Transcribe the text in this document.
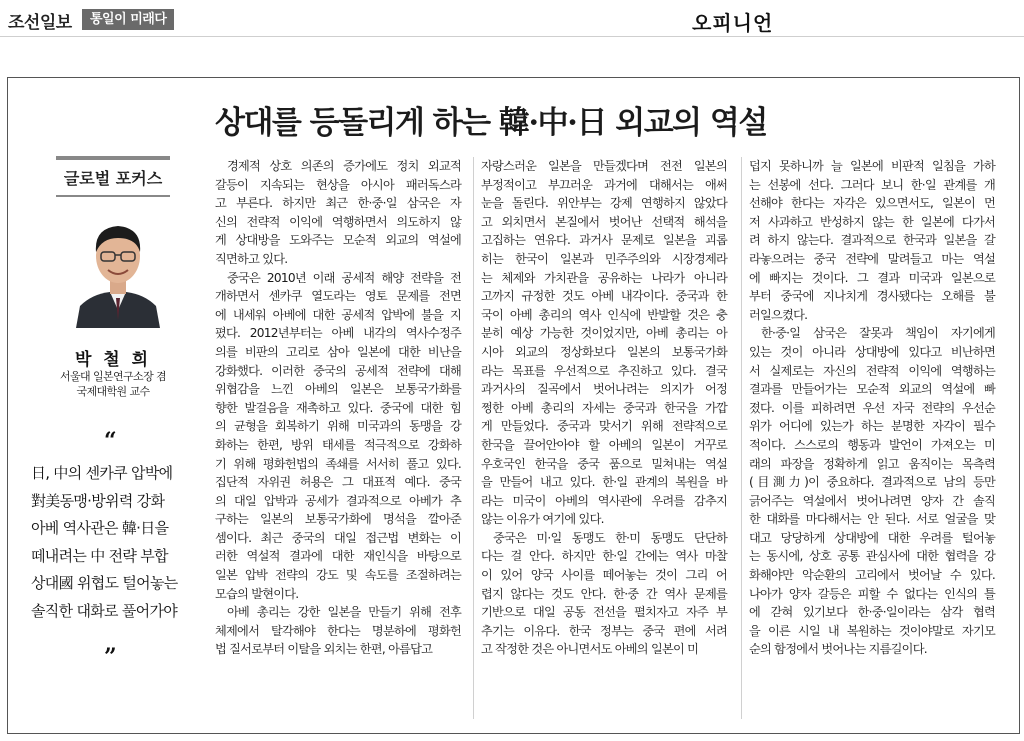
조선일보	통일이 미래다	오피니언
상대를 등돌리게 하는 韓·中·日 외교의 역설
글로벌 포커스
박 철 희
서울대 일본연구소장 겸
국제대학원 교수
“

日, 中의 센카쿠 압박에

對美동맹·방위력 강화

아베 역사관은 韓·日을

떼내려는 中 전략 부합

상대國 위협도 털어놓는

솔직한 대화로 풀어가야

”
경제적 상호 의존의 증가에도 정치 외교적
갈등이 지속되는 현상을 아시아 패러독스라
고 부른다. 하지만 최근 한·중·일 삼국은 자
신의 전략적 이익에 역행하면서 의도하지 않
게 상대방을 도와주는 모순적 외교의 역설에
직면하고 있다.
중국은 2010년 이래 공세적 해양 전략을 전
개하면서 센카쿠 열도라는 영토 문제를 전면
에 내세워 아베에 대한 공세적 압박에 불을 지
폈다. 2012년부터는 아베 내각의 역사수정주
의를 비판의 고리로 삼아 일본에 대한 비난을
강화했다. 이러한 중국의 공세적 전략에 대해
위협감을 느낀 아베의 일본은 보통국가화를
향한 발걸음을 재촉하고 있다. 중국에 대한 힘
의 균형을 회복하기 위해 미국과의 동맹을 강
화하는 한편, 방위 태세를 적극적으로 강화하
기 위해 평화헌법의 족쇄를 서서히 풀고 있다.
집단적 자위권 허용은 그 대표적 예다. 중국
의 대일 압박과 공세가 결과적으로 아베가 추
구하는 일본의 보통국가화에 명석을 깔아준
셈이다. 최근 중국의 대일 접근법 변화는 이
러한 역설적 결과에 대한 재인식을 바탕으로
일본 압박 전략의 강도 및 속도를 조절하려는
모습의 발현이다.
아베 총리는 강한 일본을 만들기 위해 전후
체제에서 탈각해야 한다는 명분하에 평화헌
법 질서로부터 이탈을 외치는 한편, 아름답고
자랑스러운 일본을 만들겠다며 전전 일본의
부정적이고 부끄러운 과거에 대해서는 애써
눈을 돌린다. 위안부는 강제 연행하지 않았다
고 외치면서 본질에서 벗어난 선택적 해석을
고집하는 연유다. 과거사 문제로 일본을 괴롭
히는 한국이 일본과 민주주의와 시장경제라
는 체제와 가치관을 공유하는 나라가 아니라
고까지 규정한 것도 아베 내각이다. 중국과 한
국이 아베 총리의 역사 인식에 반발할 것은 충
분히 예상 가능한 것이었지만, 아베 총리는 아
시아 외교의 정상화보다 일본의 보통국가화
라는 목표를 우선적으로 추진하고 있다. 결국
과거사의 질곡에서 벗어나려는 의지가 어정
쩡한 아베 총리의 자세는 중국과 한국을 가깝
게 만들었다. 중국과 맞서기 위해 전략적으로
한국을 끌어안아야 할 아베의 일본이 거꾸로
우호국인 한국을 중국 품으로 밀쳐내는 역설
을 만들어 내고 있다. 한·일 관계의 복원을 바
라는 미국이 아베의 역사관에 우려를 감추지
않는 이유가 여기에 있다.
중국은 미·일 동맹도 한·미 동맹도 단단하
다는 걸 안다. 하지만 한·일 간에는 역사 마찰
이 있어 양국 사이를 떼어놓는 것이 그리 어
렵지 않다는 것도 안다. 한·중 간 역사 문제를
기반으로 대일 공동 전선을 펼치자고 자주 부
추기는 이유다. 한국 정부는 중국 편에 서려
고 작정한 것은 아니면서도 아베의 일본이 미
덥지 못하니까 늘 일본에 비판적 일침을 가하
는 선봉에 선다. 그러다 보니 한·일 관계를 개
선해야 한다는 자각은 있으면서도, 일본이 먼
저 사과하고 반성하지 않는 한 일본에 다가서
려 하지 않는다. 결과적으로 한국과 일본을 갈
라놓으려는 중국 전략에 말려들고 마는 역설
에 빠지는 것이다. 그 결과 미국과 일본으로
부터 중국에 지나치게 경사됐다는 오해를 불
러일으켰다.
한·중·일 삼국은 잘못과 책임이 자기에게
있는 것이 아니라 상대방에 있다고 비난하면
서 실제로는 자신의 전략적 이익에 역행하는
결과를 만들어가는 모순적 외교의 역설에 빠
졌다. 이를 피하려면 우선 자국 전략의 우선순
위가 어디에 있는가 하는 분명한 자각이 필수
적이다. 스스로의 행동과 발언이 가져오는 미
래의 파장을 정확하게 읽고 움직이는 목측력
(目測力)이 중요하다. 결과적으로 남의 등만
긁어주는 역설에서 벗어나려면 양자 간 솔직
한 대화를 마다해서는 안 된다. 서로 얼굴을 맞
대고 당당하게 상대방에 대한 우려를 털어놓
는 동시에, 상호 공통 관심사에 대한 협력을 강
화해야만 악순환의 고리에서 벗어날 수 있다.
나아가 양자 갈등은 피할 수 없다는 인식의 틀
에 갇혀 있기보다 한·중·일이라는 삼각 협력
을 이른 시일 내 복원하는 것이야말로 자기모
순의 함정에서 벗어나는 지름길이다.
